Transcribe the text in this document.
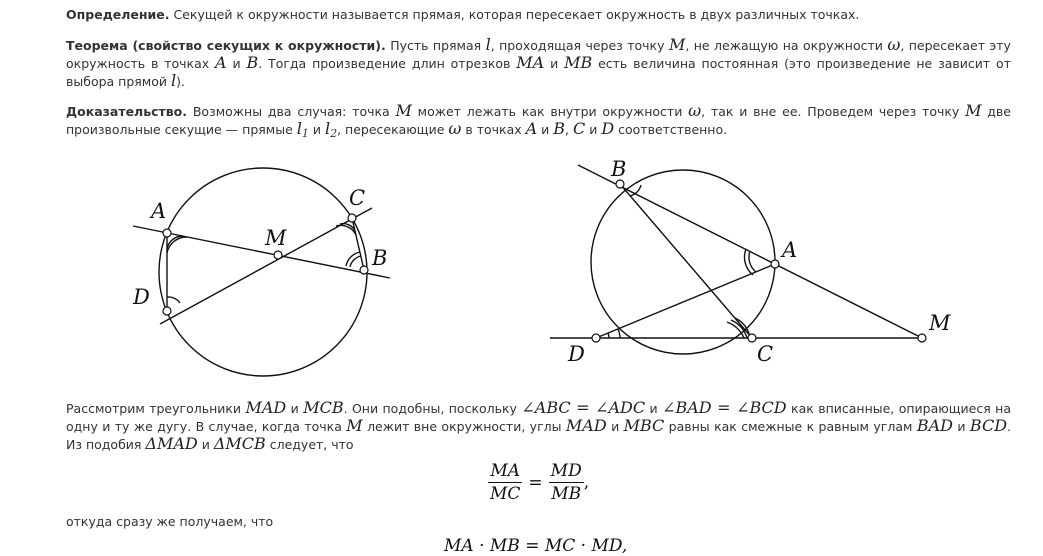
Определение. Секущей к окружности называется прямая, которая пересекает окружность в двух различных точках.

Теорема (свойство секущих к окружности). Пусть прямая l, проходящая через точку M, не лежащую на окружности ω, пересекает эту окружность в точках A и B. Тогда произведение длин отрезков MA и MB есть величина постоянная (это произведение не зависит от выбора прямой l).

Доказательство. Возможны два случая: точка M может лежать как внутри окружности ω, так и вне ее. Проведем через точку M две произвольные секущие — прямые l1 и l2, пересекающие ω в точках A и B, C и D соответственно.

A
M
C
B
D
B
A
M
D	C

Рассмотрим треугольники MAD и MCB. Они подобны, поскольку ∠ABC = ∠ADC и ∠BAD = ∠BCD как вписанные, опирающиеся на одну и ту же дугу. В случае, когда точка M лежит вне окружности, углы MAD и MBC равны как смежные к равным углам BAD и BCD. Из подобия ΔMAD и ΔMCB следует, что

$\frac{MA}{MC} = \frac{MD}{MB}$ ,

откуда сразу же получаем, что

MA · MB = MC · MD,
